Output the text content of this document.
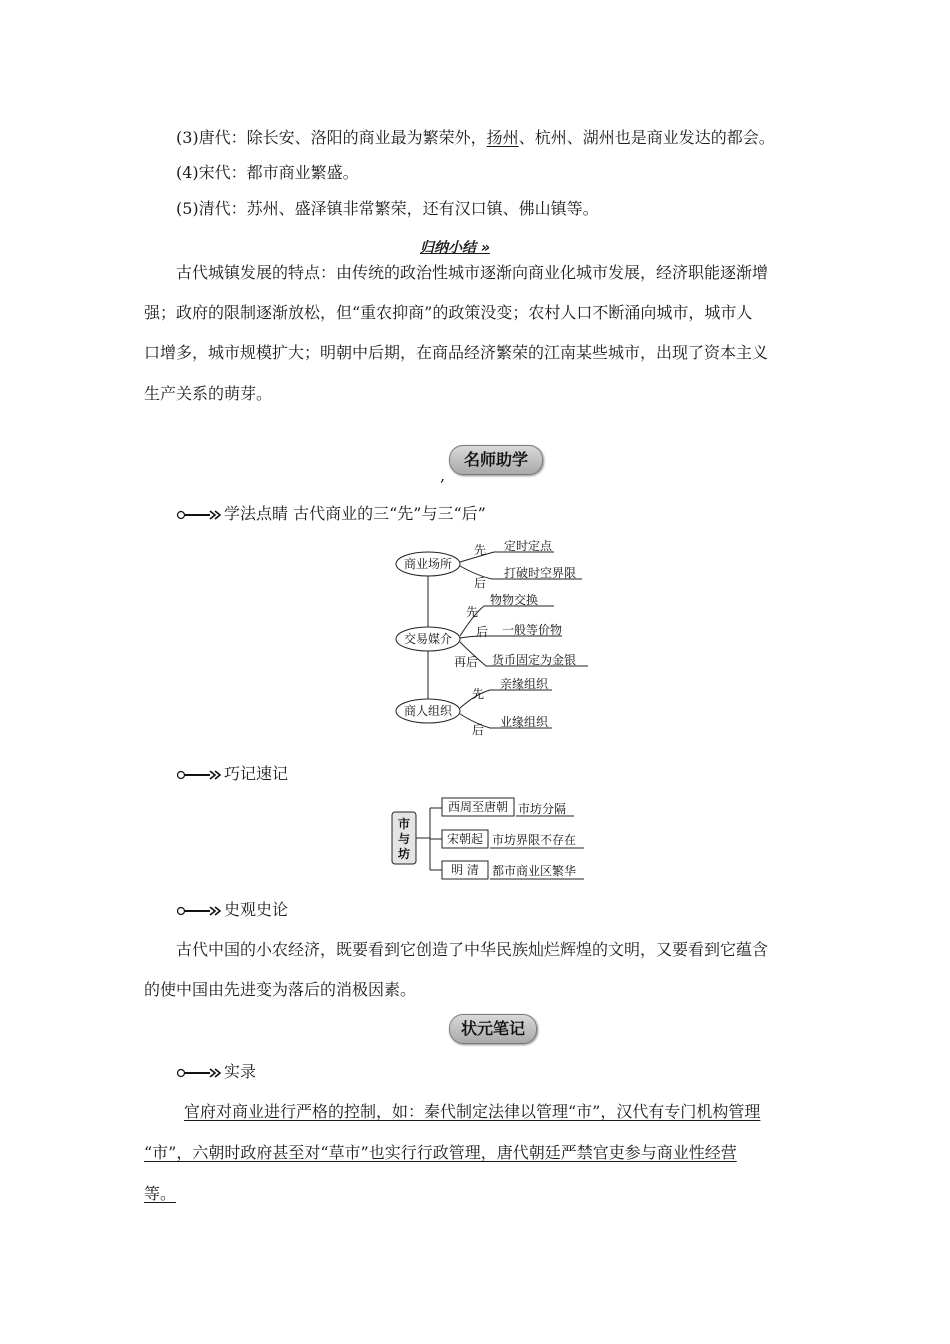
(3)唐代：除长安、洛阳的商业最为繁荣外，扬州、杭州、湖州也是商业发达的都会。
(4)宋代：都市商业繁盛。
(5)清代：苏州、盛泽镇非常繁荣，还有汉口镇、佛山镇等。
归纳小结 »
古代城镇发展的特点：由传统的政治性城市逐渐向商业化城市发展，经济职能逐渐增
强；政府的限制逐渐放松，但“重农抑商”的政策没变；农村人口不断涌向城市，城市人
口增多，城市规模扩大；明朝中后期，在商品经济繁荣的江南某些城市，出现了资本主义
生产关系的萌芽。
名师助学
,
学法点睛 古代商业的三“先”与三“后”
商业场所
交易媒介
商人组织
先 定时定点
后
打破时空界限
先
物物交换
后 一般等价物
再后 货币固定为金银
先
亲缘组织
后
业缘组织
巧记速记
市
与
坊
西周至唐朝 市坊分隔
宋朝起 市坊界限不存在
明 清 都市商业区繁华
史观史论
古代中国的小农经济，既要看到它创造了中华民族灿烂辉煌的文明，又要看到它蕴含
的使中国由先进变为落后的消极因素。
状元笔记
实录
官府对商业进行严格的控制，如：秦代制定法律以管理“市”，汉代有专门机构管理
“市”，六朝时政府甚至对“草市”也实行行政管理，唐代朝廷严禁官吏参与商业性经营
等。
